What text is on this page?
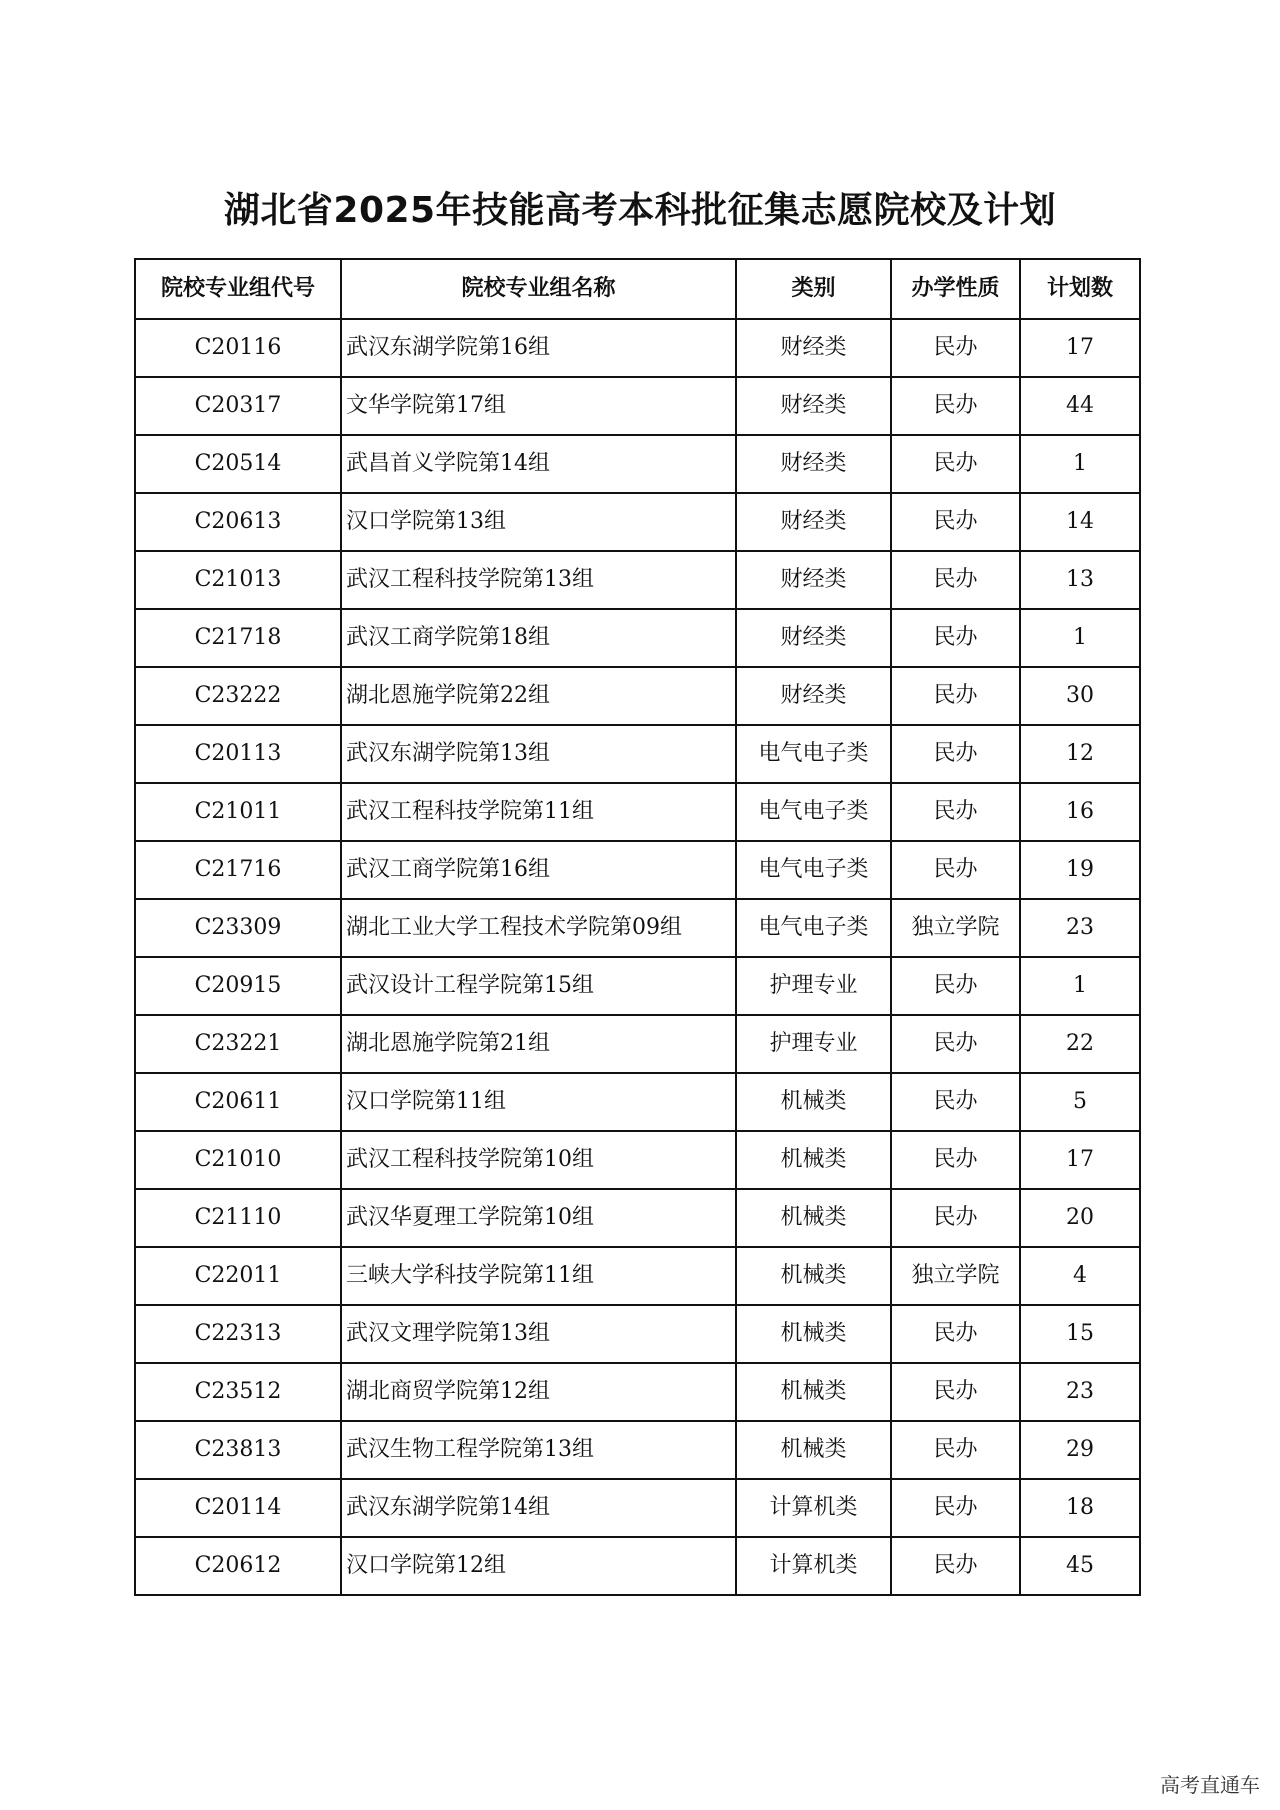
湖北省2025年技能高考本科批征集志愿院校及计划
院校专业组代号	院校专业组名称	类别	办学性质	计划数
C20116	武汉东湖学院第16组	财经类	民办	17
C20317	文华学院第17组	财经类	民办	44
C20514	武昌首义学院第14组	财经类	民办	1
C20613	汉口学院第13组	财经类	民办	14
C21013	武汉工程科技学院第13组	财经类	民办	13
C21718	武汉工商学院第18组	财经类	民办	1
C23222	湖北恩施学院第22组	财经类	民办	30
C20113	武汉东湖学院第13组	电气电子类	民办	12
C21011	武汉工程科技学院第11组	电气电子类	民办	16
C21716	武汉工商学院第16组	电气电子类	民办	19
C23309	湖北工业大学工程技术学院第09组	电气电子类	独立学院	23
C20915	武汉设计工程学院第15组	护理专业	民办	1
C23221	湖北恩施学院第21组	护理专业	民办	22
C20611	汉口学院第11组	机械类	民办	5
C21010	武汉工程科技学院第10组	机械类	民办	17
C21110	武汉华夏理工学院第10组	机械类	民办	20
C22011	三峡大学科技学院第11组	机械类	独立学院	4
C22313	武汉文理学院第13组	机械类	民办	15
C23512	湖北商贸学院第12组	机械类	民办	23
C23813	武汉生物工程学院第13组	机械类	民办	29
C20114	武汉东湖学院第14组	计算机类	民办	18
C20612	汉口学院第12组	计算机类	民办	45
高考直通车
